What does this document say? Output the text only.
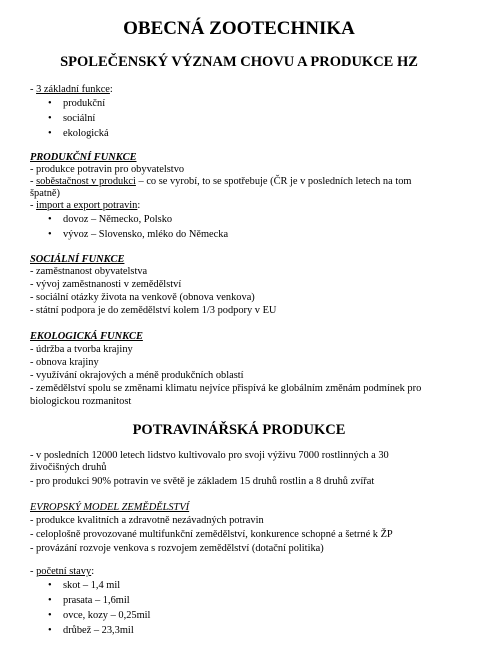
OBECNÁ ZOOTECHNIKA
SPOLEČENSKÝ VÝZNAM CHOVU A PRODUKCE HZ
- 3 základní funkce:
•produkční
•sociální
•ekologická
PRODUKČNÍ FUNKCE
- produkce potravin pro obyvatelstvo
- soběstačnost v produkci – co se vyrobí, to se spotřebuje (ČR je v posledních letech na tom
špatně)
- import a export potravin:
•dovoz – Německo, Polsko
•vývoz – Slovensko, mléko do Německa
SOCIÁLNÍ FUNKCE
- zaměstnanost obyvatelstva
- vývoj zaměstnanosti v zemědělství
- sociální otázky života na venkově (obnova venkova)
- státní podpora je do zemědělství kolem 1/3 podpory v EU
EKOLOGICKÁ FUNKCE
- údržba a tvorba krajiny
- obnova krajiny
- využívání okrajových a méně produkčních oblastí
- zemědělství spolu se změnami klimatu nejvíce přispívá ke globálním změnám podmínek pro
biologickou rozmanitost
POTRAVINÁŘSKÁ PRODUKCE
- v posledních 12000 letech lidstvo kultivovalo pro svoji výživu 7000 rostlinných a 30
živočišných druhů
- pro produkci 90% potravin ve světě je základem 15 druhů rostlin a 8 druhů zvířat
EVROPSKÝ MODEL ZEMĚDĚLSTVÍ
- produkce kvalitních a zdravotně nezávadných potravin
- celoplošně provozované multifunkční zemědělství, konkurence schopné a šetrné k ŽP
- provázání rozvoje venkova s rozvojem zemědělství (dotační politika)
- početní stavy:
•skot – 1,4 mil
•prasata – 1,6mil
•ovce, kozy – 0,25mil
•drůbež – 23,3mil
